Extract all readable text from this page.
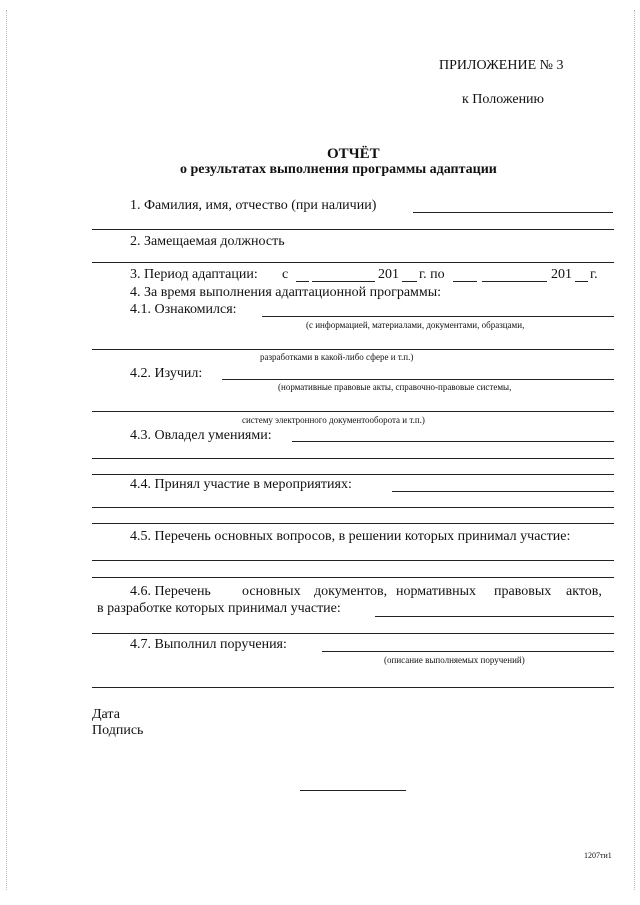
ПРИЛОЖЕНИЕ № 3
к Положению
ОТЧЁТ
о результатах выполнения программы адаптации
1. Фамилия, имя, отчество (при наличии)
2. Замещаемая должность
3. Период адаптации: с	201 г. по	201 г.
4. За время выполнения адаптационной программы:
4.1. Ознакомился:
(с информацией, материалами, документами, образцами,
разработками в какой-либо сфере и т.п.)
4.2. Изучил:
(нормативные правовые акты, справочно-правовые системы,
систему электронного документооборота и т.п.)
4.3. Овладел умениями:
4.4. Принял участие в мероприятиях:
4.5. Перечень основных вопросов, в решении которых принимал участие:
4.6. Перечень основных документов, нормативных правовых актов,
в разработке которых принимал участие:
4.7. Выполнил поручения:
(описание выполняемых поручений)
Дата
Подпись
1207ти1
